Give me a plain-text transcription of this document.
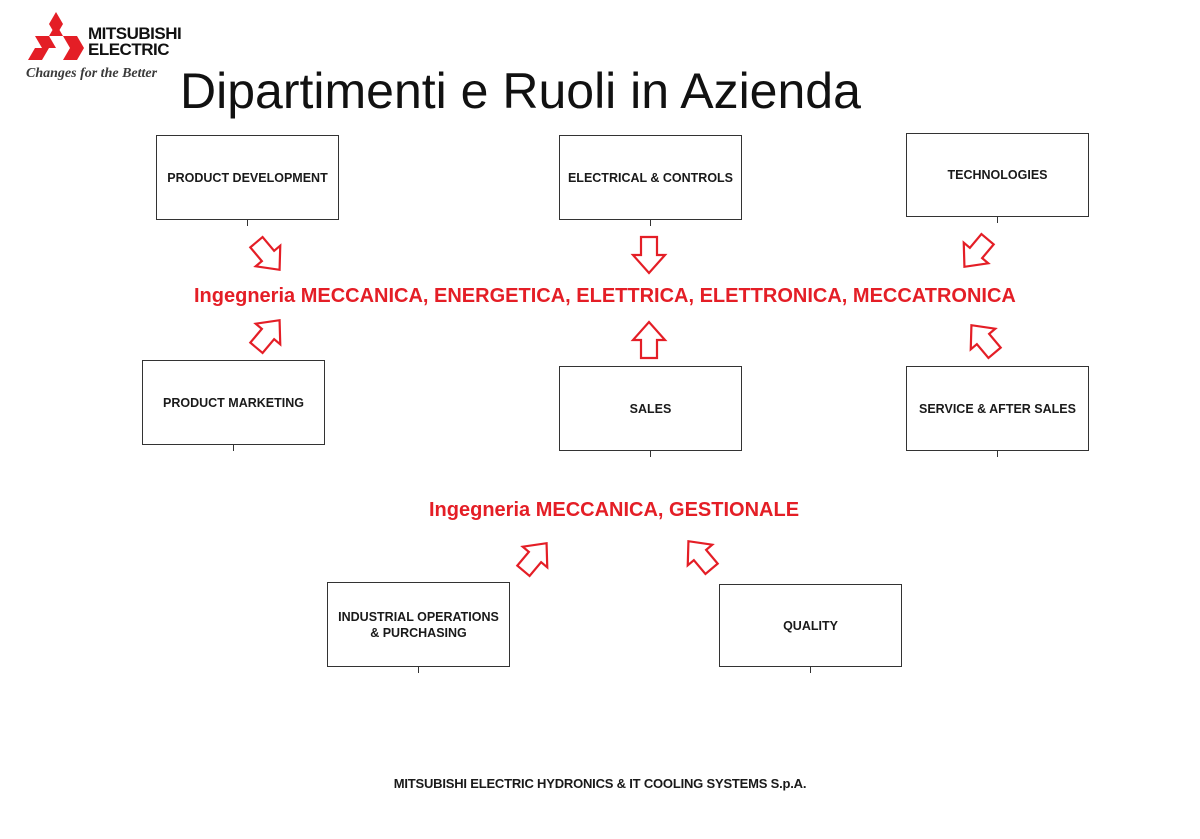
MITSUBISHI
ELECTRIC
Changes for the Better Dipartimenti e Ruoli in Azienda
PRODUCT DEVELOPMENT	ELECTRICAL & CONTROLS	TECHNOLOGIES
PRODUCT MARKETING	SALES	SERVICE & AFTER SALES
INDUSTRIAL OPERATIONS
& PURCHASING	QUALITY
Ingegneria MECCANICA, ENERGETICA, ELETTRICA, ELETTRONICA, MECCATRONICA
Ingegneria MECCANICA, GESTIONALE
MITSUBISHI ELECTRIC HYDRONICS & IT COOLING SYSTEMS S.p.A.
